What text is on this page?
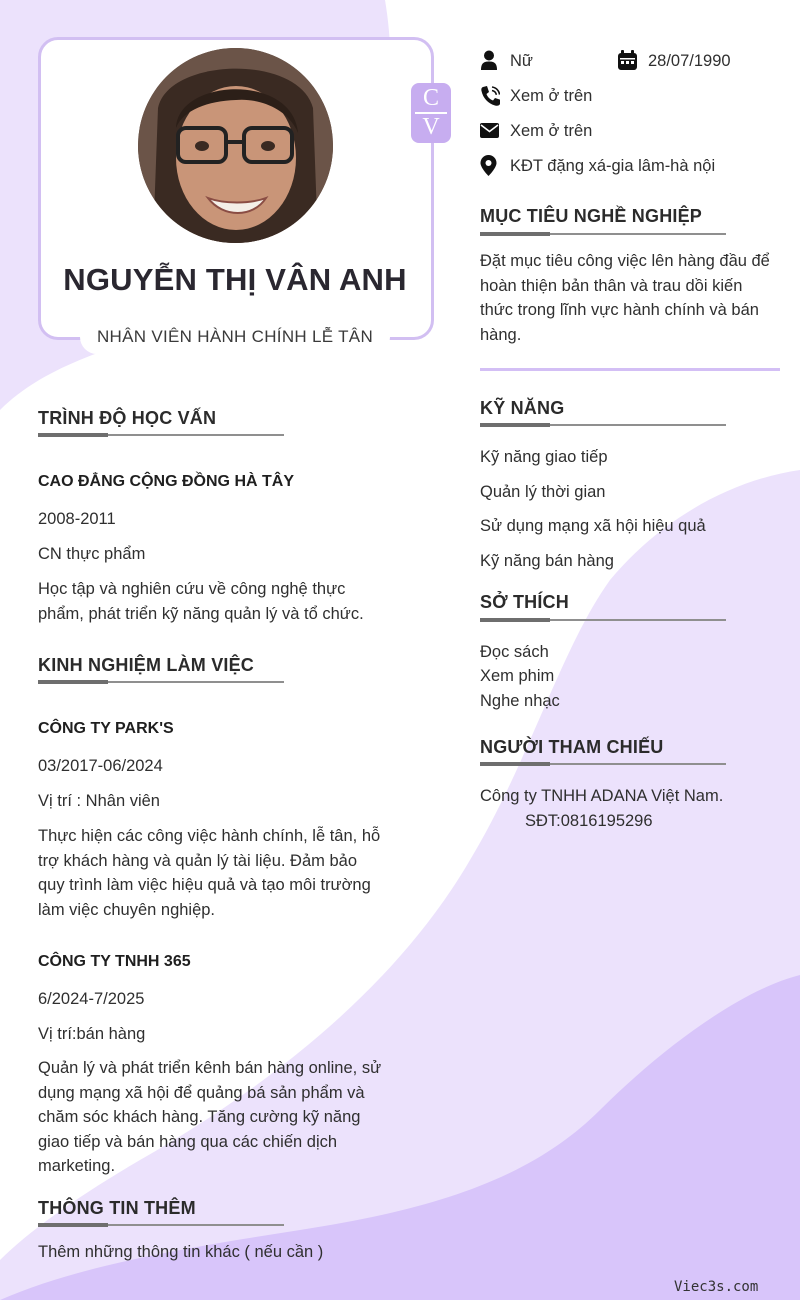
NGUYỄN THỊ VÂN ANH
NHÂN VIÊN HÀNH CHÍNH LỄ TÂN
C
V
Nữ	28/07/1990
Xem ở trên
Xem ở trên
KĐT đặng xá-gia lâm-hà nội
MỤC TIÊU NGHỀ NGHIỆP
Đặt mục tiêu công việc lên hàng đầu để
hoàn thiện bản thân và trau dồi kiến
thức trong lĩnh vực hành chính và bán
hàng.
KỸ NĂNG
Kỹ năng giao tiếp
Quản lý thời gian
Sử dụng mạng xã hội hiệu quả
Kỹ năng bán hàng
SỞ THÍCH
Đọc sách
Xem phim
Nghe nhạc
NGƯỜI THAM CHIẾU
Công ty TNHH ADANA Việt Nam.
SĐT:0816195296
TRÌNH ĐỘ HỌC VẤN
CAO ĐẲNG CỘNG ĐỒNG HÀ TÂY
2008-2011
CN thực phẩm
Học tập và nghiên cứu về công nghệ thực
phẩm, phát triển kỹ năng quản lý và tổ chức.
KINH NGHIỆM LÀM VIỆC
CÔNG TY PARK'S
03/2017-06/2024
Vị trí : Nhân viên
Thực hiện các công việc hành chính, lễ tân, hỗ
trợ khách hàng và quản lý tài liệu. Đảm bảo
quy trình làm việc hiệu quả và tạo môi trường
làm việc chuyên nghiệp.
CÔNG TY TNHH 365
6/2024-7/2025
Vị trí:bán hàng
Quản lý và phát triển kênh bán hàng online, sử
dụng mạng xã hội để quảng bá sản phẩm và
chăm sóc khách hàng. Tăng cường kỹ năng
giao tiếp và bán hàng qua các chiến dịch
marketing.
THÔNG TIN THÊM
Thêm những thông tin khác ( nếu cần )
Viec3s.com
